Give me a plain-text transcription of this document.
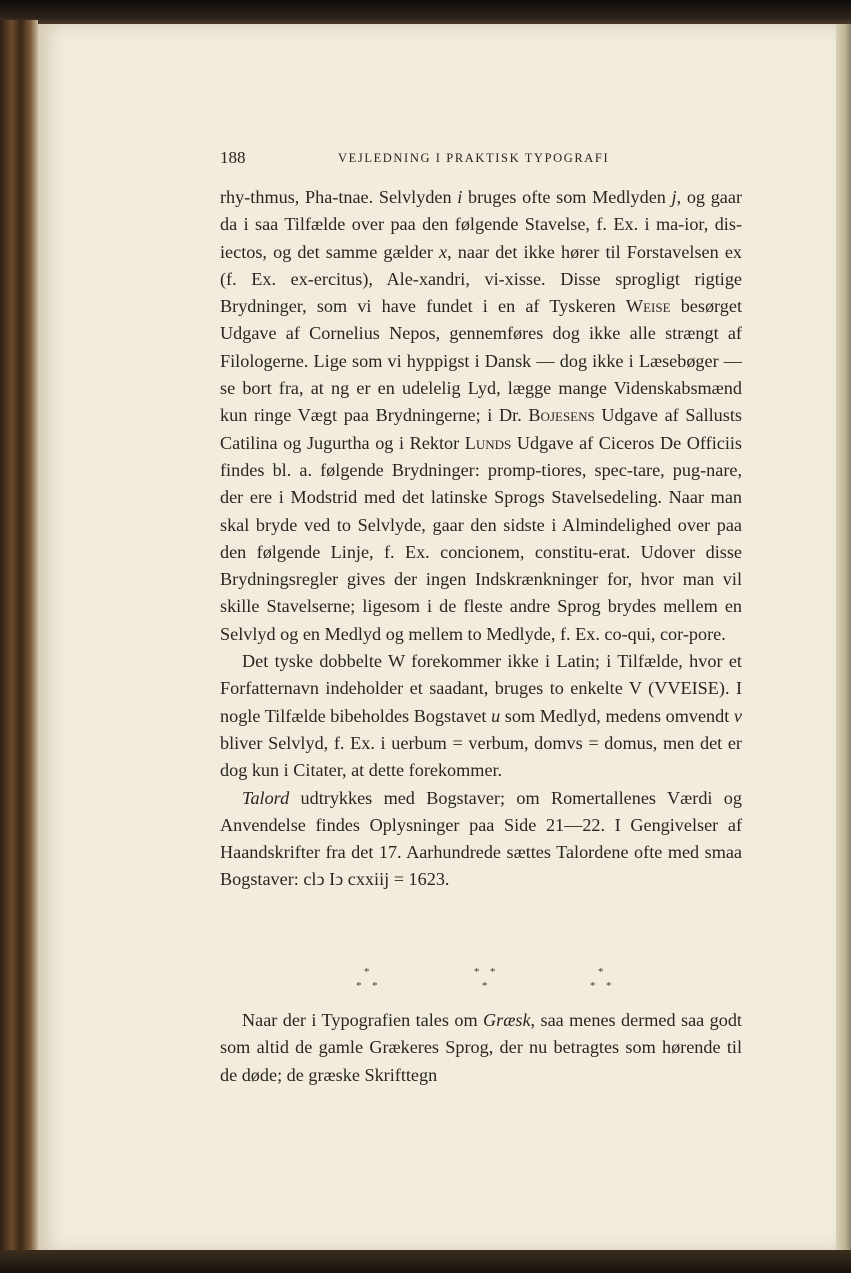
188	VEJLEDNING I PRAKTISK TYPOGRAFI

rhy-thmus, Pha-tnae. Selvlyden i bruges ofte som Medlyden j, og gaar da i saa Tilfælde over paa den følgende Stavelse, f. Ex. i ma-ior, dis-iectos, og det samme gælder x, naar det ikke hører til Forstavelsen ex (f. Ex. ex-ercitus), Ale-xandri, vi-xisse. Disse sprogligt rigtige Brydninger, som vi have fundet i en af Tyskeren Weise besørget Udgave af Cornelius Nepos, gennemføres dog ikke alle strængt af Filologerne. Lige som vi hyppigst i Dansk — dog ikke i Læsebøger — se bort fra, at ng er en udelelig Lyd, lægge mange Videnskabsmænd kun ringe Vægt paa Brydningerne; i Dr. Bojesens Udgave af Sallusts Catilina og Jugurtha og i Rektor Lunds Udgave af Ciceros De Officiis findes bl. a. følgende Brydninger: promp-tiores, spec-tare, pug-nare, der ere i Modstrid med det latinske Sprogs Stavelsedeling. Naar man skal bryde ved to Selvlyde, gaar den sidste i Almindelighed over paa den følgende Linje, f. Ex. concionem, constitu-erat. Udover disse Brydningsregler gives der ingen Indskrænkninger for, hvor man vil skille Stavelserne; ligesom i de fleste andre Sprog brydes mellem en Selvlyd og en Medlyd og mellem to Medlyde, f. Ex. co-qui, cor-pore.

Det tyske dobbelte W forekommer ikke i Latin; i Tilfælde, hvor et Forfatternavn indeholder et saadant, bruges to enkelte V (VVEISE). I nogle Tilfælde bibeholdes Bogstavet u som Medlyd, medens omvendt v bliver Selvlyd, f. Ex. i uerbum = verbum, domvs = domus, men det er dog kun i Citater, at dette forekommer.

Talord udtrykkes med Bogstaver; om Romertallenes Værdi og Anvendelse findes Oplysninger paa Side 21—22. I Gengivelser af Haandskrifter fra det 17. Aarhundrede sættes Talordene ofte med smaa Bogstaver: clↄ Iↄ cxxiij = 1623.

*
* *
* *
*
*
* *

Naar der i Typografien tales om Græsk, saa menes dermed saa godt som altid de gamle Grækeres Sprog, der nu betragtes som hørende til de døde; de græske Skrifttegn
